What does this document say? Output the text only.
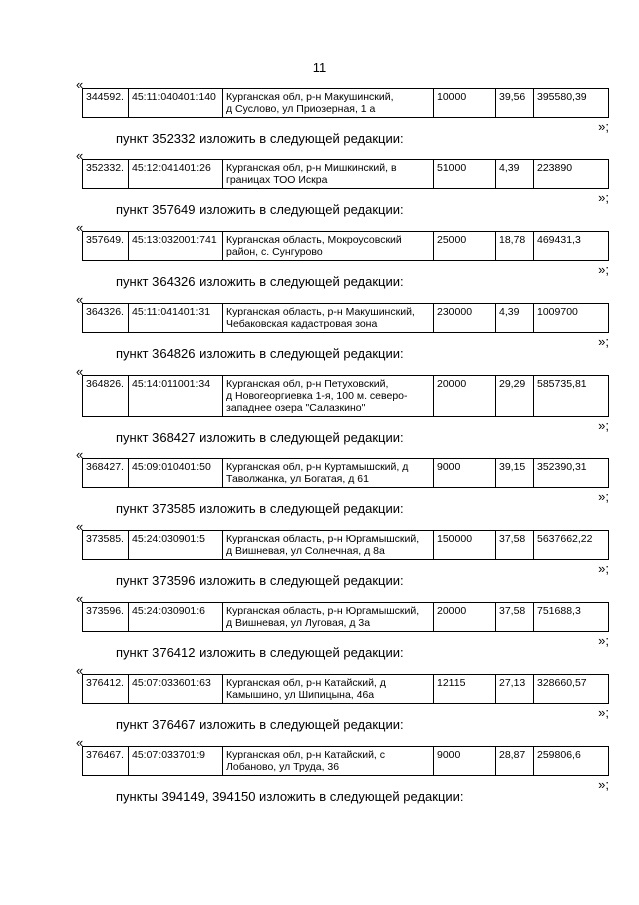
11
«
344592.	45:11:040401:140	Курганская обл, р-н Макушинский,
д Суслово, ул Приозерная, 1 а
	10000	39,56	395580,39
»;
пункт 352332 изложить в следующей редакции:
«
352332.	45:12:041401:26	Курганская обл, р-н Мишкинский, в
границах ТОО Искра
	51000	4,39	223890
»;
пункт 357649 изложить в следующей редакции:
«
357649.	45:13:032001:741	Курганская область, Мокроусовский
район, с. Сунгурово
	25000	18,78	469431,3
»;
пункт 364326 изложить в следующей редакции:
«
364326.	45:11:041401:31	Курганская область, р-н Макушинский,
Чебаковская кадастровая зона
	230000	4,39	1009700
»;
пункт 364826 изложить в следующей редакции:
«
364826.	45:14:011001:34	Курганская обл, р-н Петуховский,
д Новогеоргиевка 1-я, 100 м. северо-
западнее озера "Салазкино"
	20000	29,29	585735,81
»;
пункт 368427 изложить в следующей редакции:
«
368427.	45:09:010401:50	Курганская обл, р-н Куртамышский, д
Таволжанка, ул Богатая, д 61
	9000	39,15	352390,31
»;
пункт 373585 изложить в следующей редакции:
«
373585.	45:24:030901:5	Курганская область, р-н Юргамышский,
д Вишневая, ул Солнечная, д 8а
	150000	37,58	5637662,22
»;
пункт 373596 изложить в следующей редакции:
«
373596.	45:24:030901:6	Курганская область, р-н Юргамышский,
д Вишневая, ул Луговая, д 3а
	20000	37,58	751688,3
»;
пункт 376412 изложить в следующей редакции:
«
376412.	45:07:033601:63	Курганская обл, р-н Катайский, д
Камышино, ул Шипицына, 46а
	12115	27,13	328660,57
»;
пункт 376467 изложить в следующей редакции:
«
376467.	45:07:033701:9	Курганская обл, р-н Катайский, с
Лобаново, ул Труда, 36
	9000	28,87	259806,6
»;
пункты 394149, 394150 изложить в следующей редакции:
